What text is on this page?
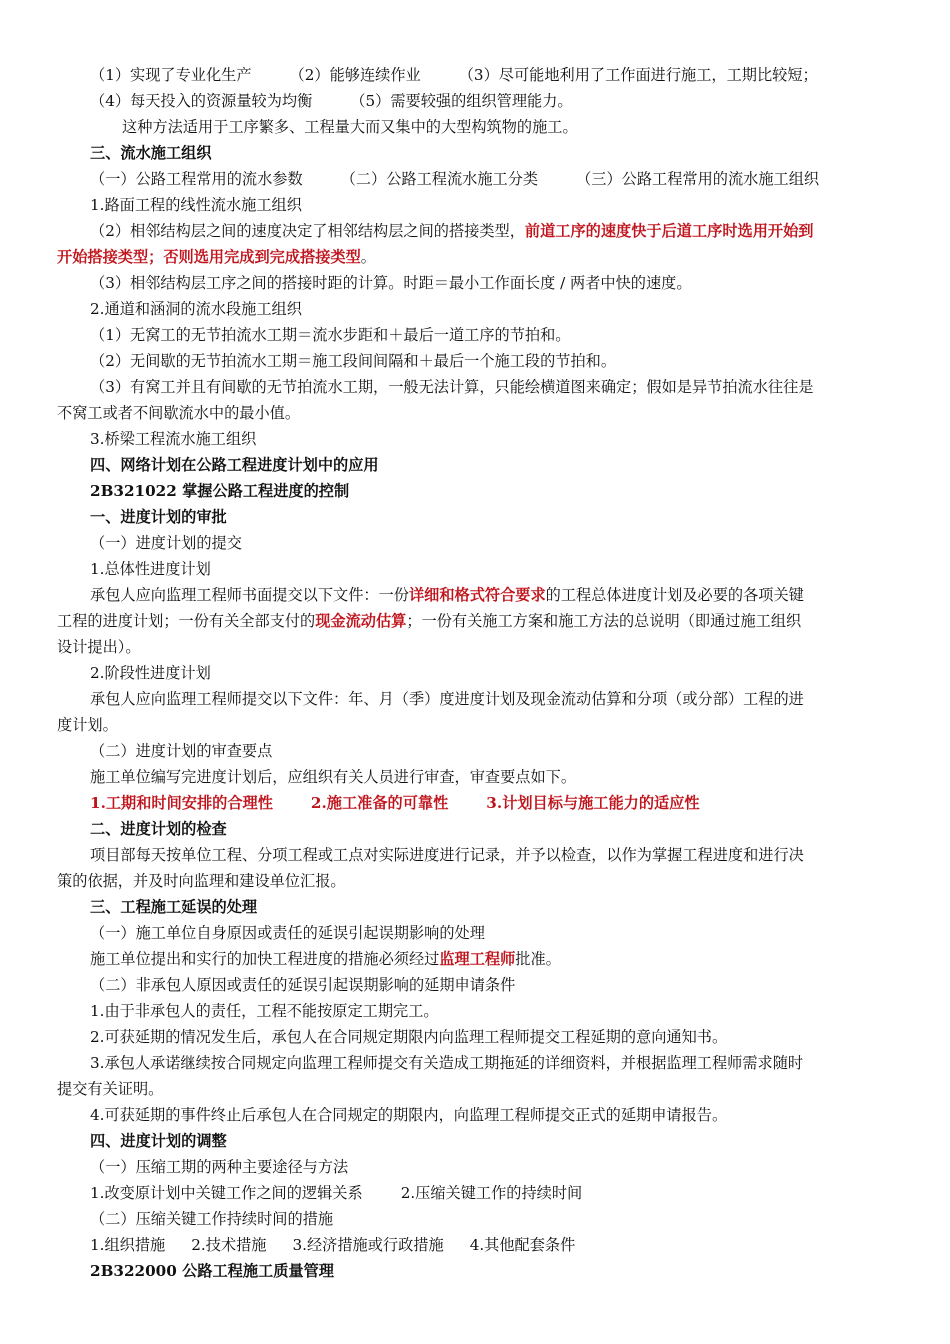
（1）实现了专业化生产	（2）能够连续作业	（3）尽可能地利用了工作面进行施工，工期比较短；
（4）每天投入的资源量较为均衡	（5）需要较强的组织管理能力。
这种方法适用于工序繁多、工程量大而又集中的大型构筑物的施工。
三、流水施工组织
（一）公路工程常用的流水参数	（二）公路工程流水施工分类	（三）公路工程常用的流水施工组织
1.路面工程的线性流水施工组织
（2）相邻结构层之间的速度决定了相邻结构层之间的搭接类型，前道工序的速度快于后道工序时选用开始到
开始搭接类型；否则选用完成到完成搭接类型。
（3）相邻结构层工序之间的搭接时距的计算。时距＝最小工作面长度 / 两者中快的速度。
2.通道和涵洞的流水段施工组织
（1）无窝工的无节拍流水工期＝流水步距和＋最后一道工序的节拍和。
（2）无间歇的无节拍流水工期＝施工段间间隔和＋最后一个施工段的节拍和。
（3）有窝工并且有间歇的无节拍流水工期，一般无法计算，只能绘横道图来确定；假如是异节拍流水往往是
不窝工或者不间歇流水中的最小值。
3.桥梁工程流水施工组织
四、网络计划在公路工程进度计划中的应用
2B321022 掌握公路工程进度的控制
一、进度计划的审批
（一）进度计划的提交
1.总体性进度计划
承包人应向监理工程师书面提交以下文件：一份详细和格式符合要求的工程总体进度计划及必要的各项关键
工程的进度计划；一份有关全部支付的现金流动估算；一份有关施工方案和施工方法的总说明（即通过施工组织
设计提出）。
2.阶段性进度计划
承包人应向监理工程师提交以下文件：年、月（季）度进度计划及现金流动估算和分项（或分部）工程的进
度计划。
（二）进度计划的审查要点
施工单位编写完进度计划后，应组织有关人员进行审查，审查要点如下。
1.工期和时间安排的合理性	2.施工准备的可靠性	3.计划目标与施工能力的适应性
二、进度计划的检查
项目部每天按单位工程、分项工程或工点对实际进度进行记录，并予以检查，以作为掌握工程进度和进行决
策的依据，并及时向监理和建设单位汇报。
三、工程施工延误的处理
（一）施工单位自身原因或责任的延误引起误期影响的处理
施工单位提出和实行的加快工程进度的措施必须经过监理工程师批准。
（二）非承包人原因或责任的延误引起误期影响的延期申请条件
1.由于非承包人的责任，工程不能按原定工期完工。
2.可获延期的情况发生后，承包人在合同规定期限内向监理工程师提交工程延期的意向通知书。
3.承包人承诺继续按合同规定向监理工程师提交有关造成工期拖延的详细资料，并根据监理工程师需求随时
提交有关证明。
4.可获延期的事件终止后承包人在合同规定的期限内，向监理工程师提交正式的延期申请报告。
四、进度计划的调整
（一）压缩工期的两种主要途径与方法
1.改变原计划中关键工作之间的逻辑关系	2.压缩关键工作的持续时间
（二）压缩关键工作持续时间的措施
1.组织措施 2.技术措施 3.经济措施或行政措施 4.其他配套条件
2B322000 公路工程施工质量管理
